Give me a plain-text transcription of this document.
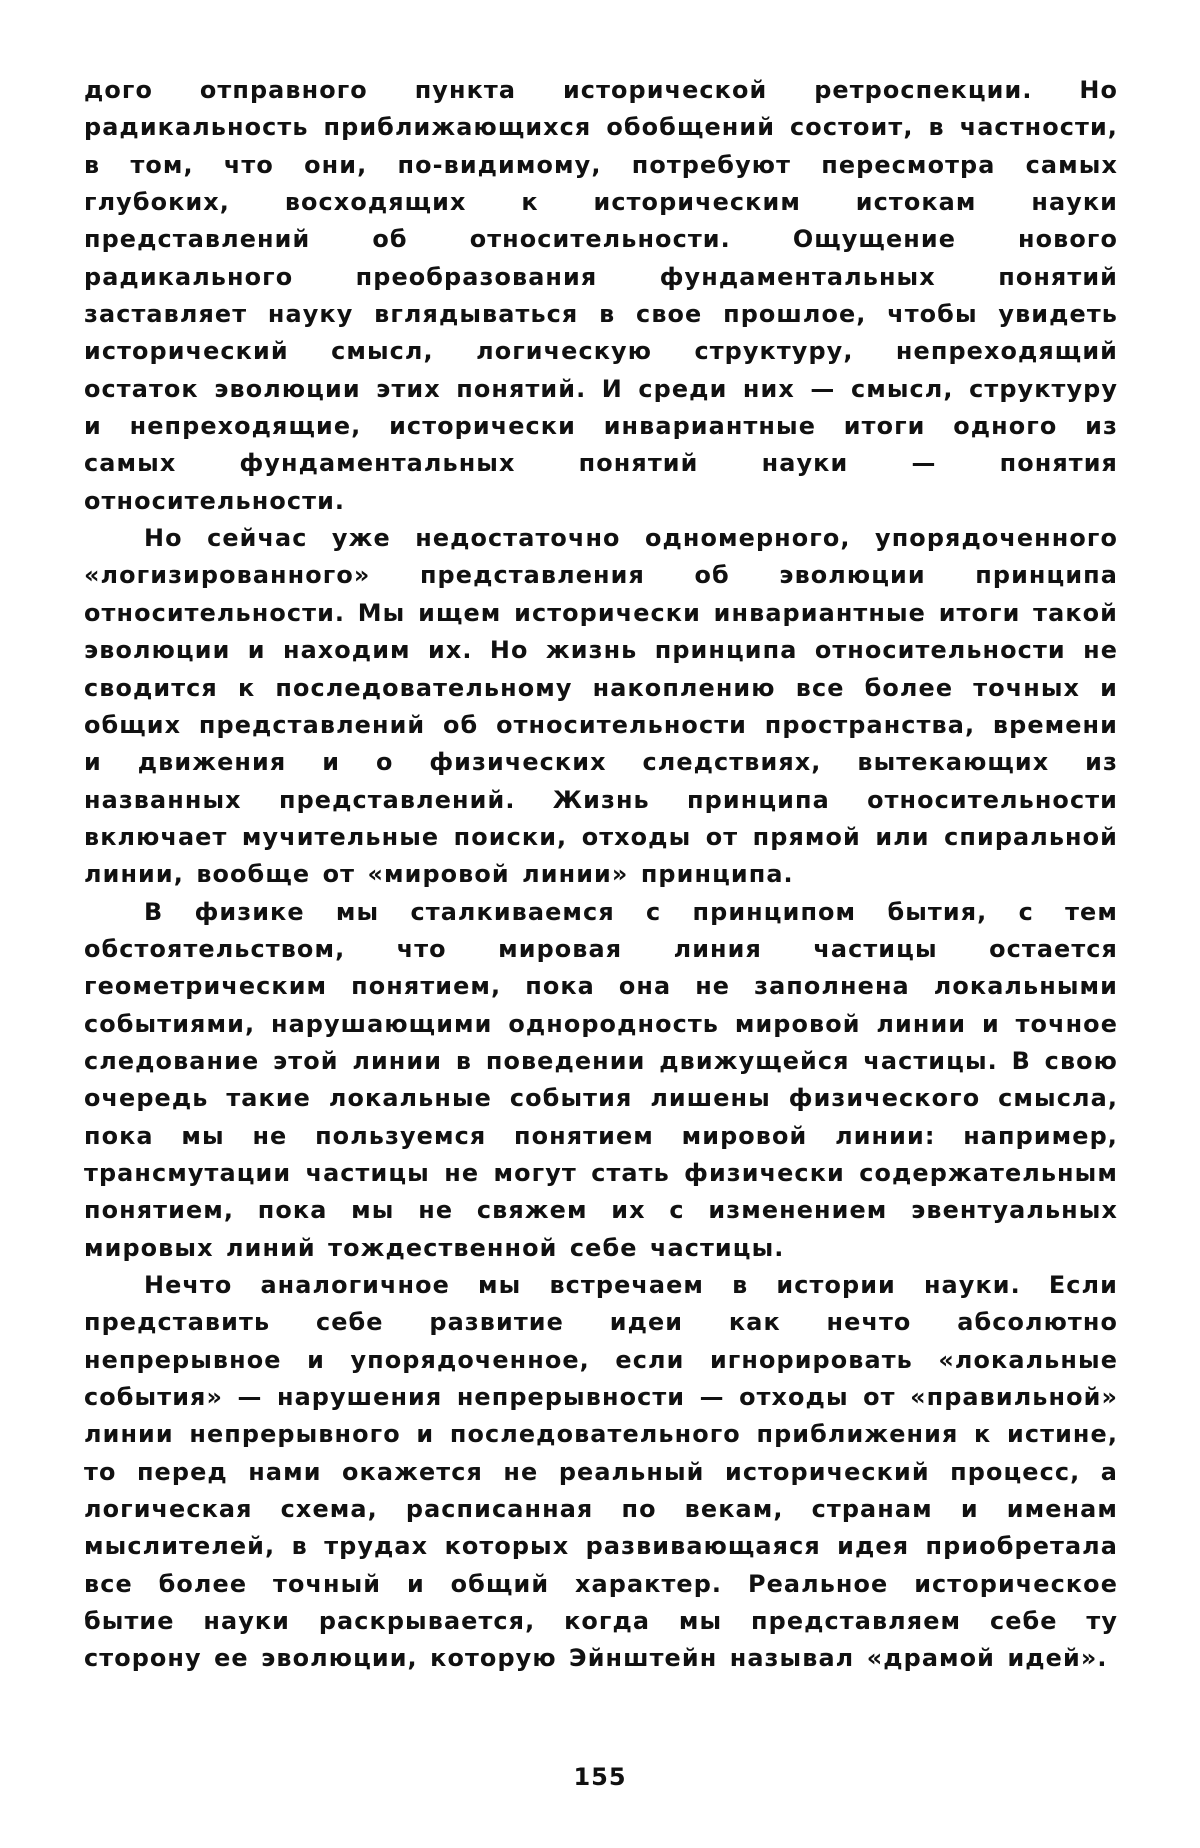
дого отправного пункта исторической ретроспекции. Но радикальность приближающихся обобщений состоит, в частности, в том, что они, по-видимому, потребуют пересмотра самых глубоких, восходящих к историческим истокам науки представлений об относительности. Ощущение нового радикального преобразования фундаментальных понятий заставляет науку вглядываться в свое прошлое, чтобы увидеть исторический смысл, логическую структуру, непреходящий остаток эволюции этих понятий. И среди них — смысл, структуру и непреходящие, исторически инвариантные итоги одного из самых фундаментальных понятий науки — понятия относительности.

Но сейчас уже недостаточно одномерного, упорядоченного «логизированного» представления об эволюции принципа относительности. Мы ищем исторически инвариантные итоги такой эволюции и находим их. Но жизнь принципа относительности не сводится к последовательному накоплению все более точных и общих представлений об относительности пространства, времени и движения и о физических следствиях, вытекающих из названных представлений. Жизнь принципа относительности включает мучительные поиски, отходы от прямой или спиральной линии, вообще от «мировой линии» принципа.

В физике мы сталкиваемся с принципом бытия, с тем обстоятельством, что мировая линия частицы остается геометрическим понятием, пока она не заполнена локальными событиями, нарушающими однородность мировой линии и точное следование этой линии в поведении движущейся частицы. В свою очередь такие локальные события лишены физического смысла, пока мы не пользуемся понятием мировой линии: например, трансмутации частицы не могут стать физически содержательным понятием, пока мы не свяжем их с изменением эвентуальных мировых линий тождественной себе частицы.

Нечто аналогичное мы встречаем в истории науки. Если представить себе развитие идеи как нечто абсолютно непрерывное и упорядоченное, если игнорировать «локальные события» — нарушения непрерывности — отходы от «правильной» линии непрерывного и последовательного приближения к истине, то перед нами окажется не реальный исторический процесс, а логическая схема, расписанная по векам, странам и именам мыслителей, в трудах которых развивающаяся идея приобретала все более точный и общий характер. Реальное историческое бытие науки раскрывается, когда мы представляем себе ту сторону ее эволюции, которую Эйнштейн называл «драмой идей».

155
